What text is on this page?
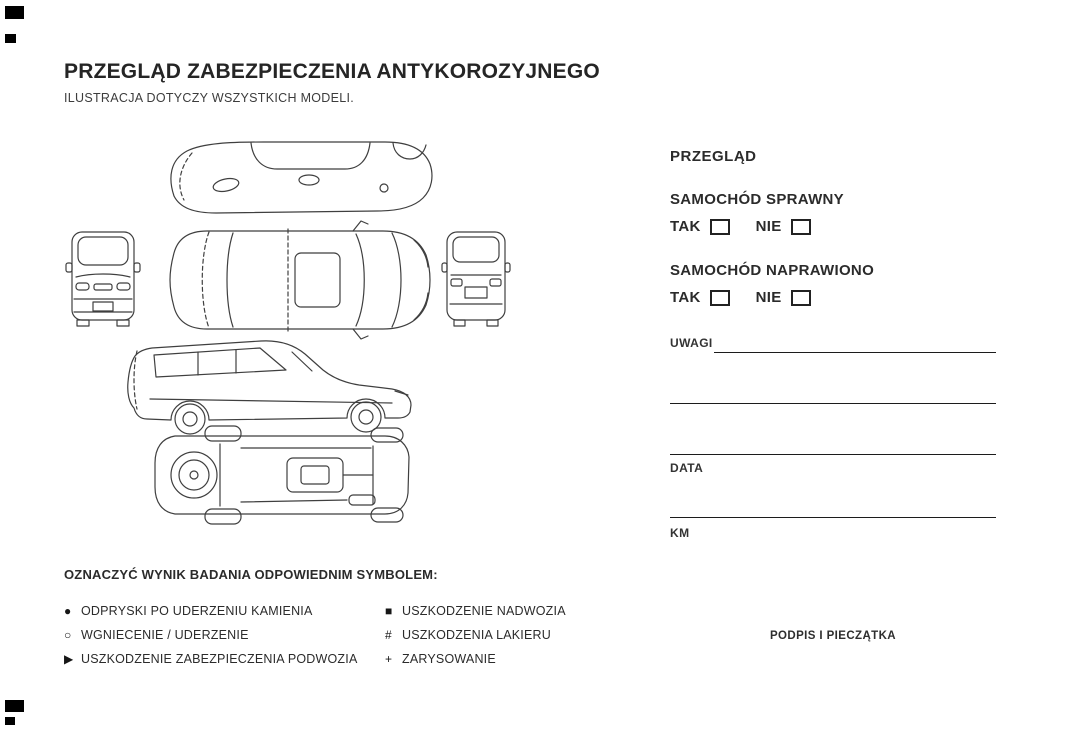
PRZEGLĄD ZABEZPIECZENIA ANTYKOROZYJNEGO
ILUSTRACJA DOTYCZY WSZYSTKICH MODELI.
PRZEGLĄD
SAMOCHÓD SPRAWNY
TAK	NIE
SAMOCHÓD NAPRAWIONO
TAK	NIE
UWAGI
DATA
KM
PODPIS I PIECZĄTKA
OZNACZYĆ WYNIK BADANIA ODPOWIEDNIM SYMBOLEM:
● ODPRYSKI PO UDERZENIU KAMIENIA
○ WGNIECENIE / UDERZENIE
▶ USZKODZENIE ZABEZPIECZENIA PODWOZIA
■ USZKODZENIE NADWOZIA
# USZKODZENIA LAKIERU
+ ZARYSOWANIE
